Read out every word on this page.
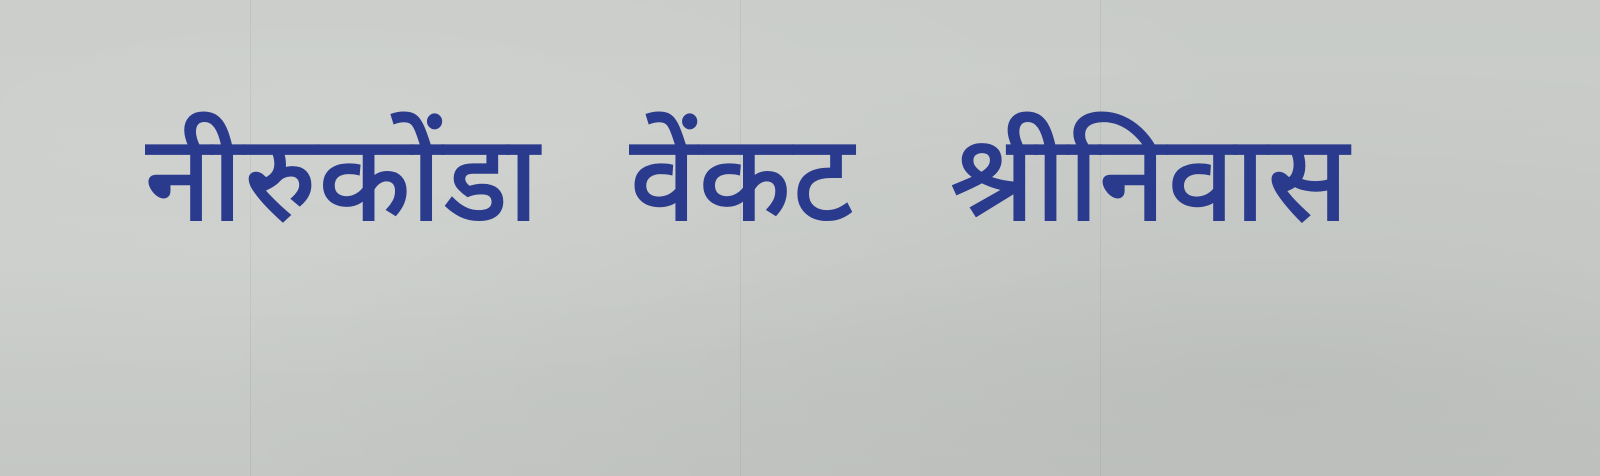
नीरुकोंडा वेंकट श्रीनिवास
